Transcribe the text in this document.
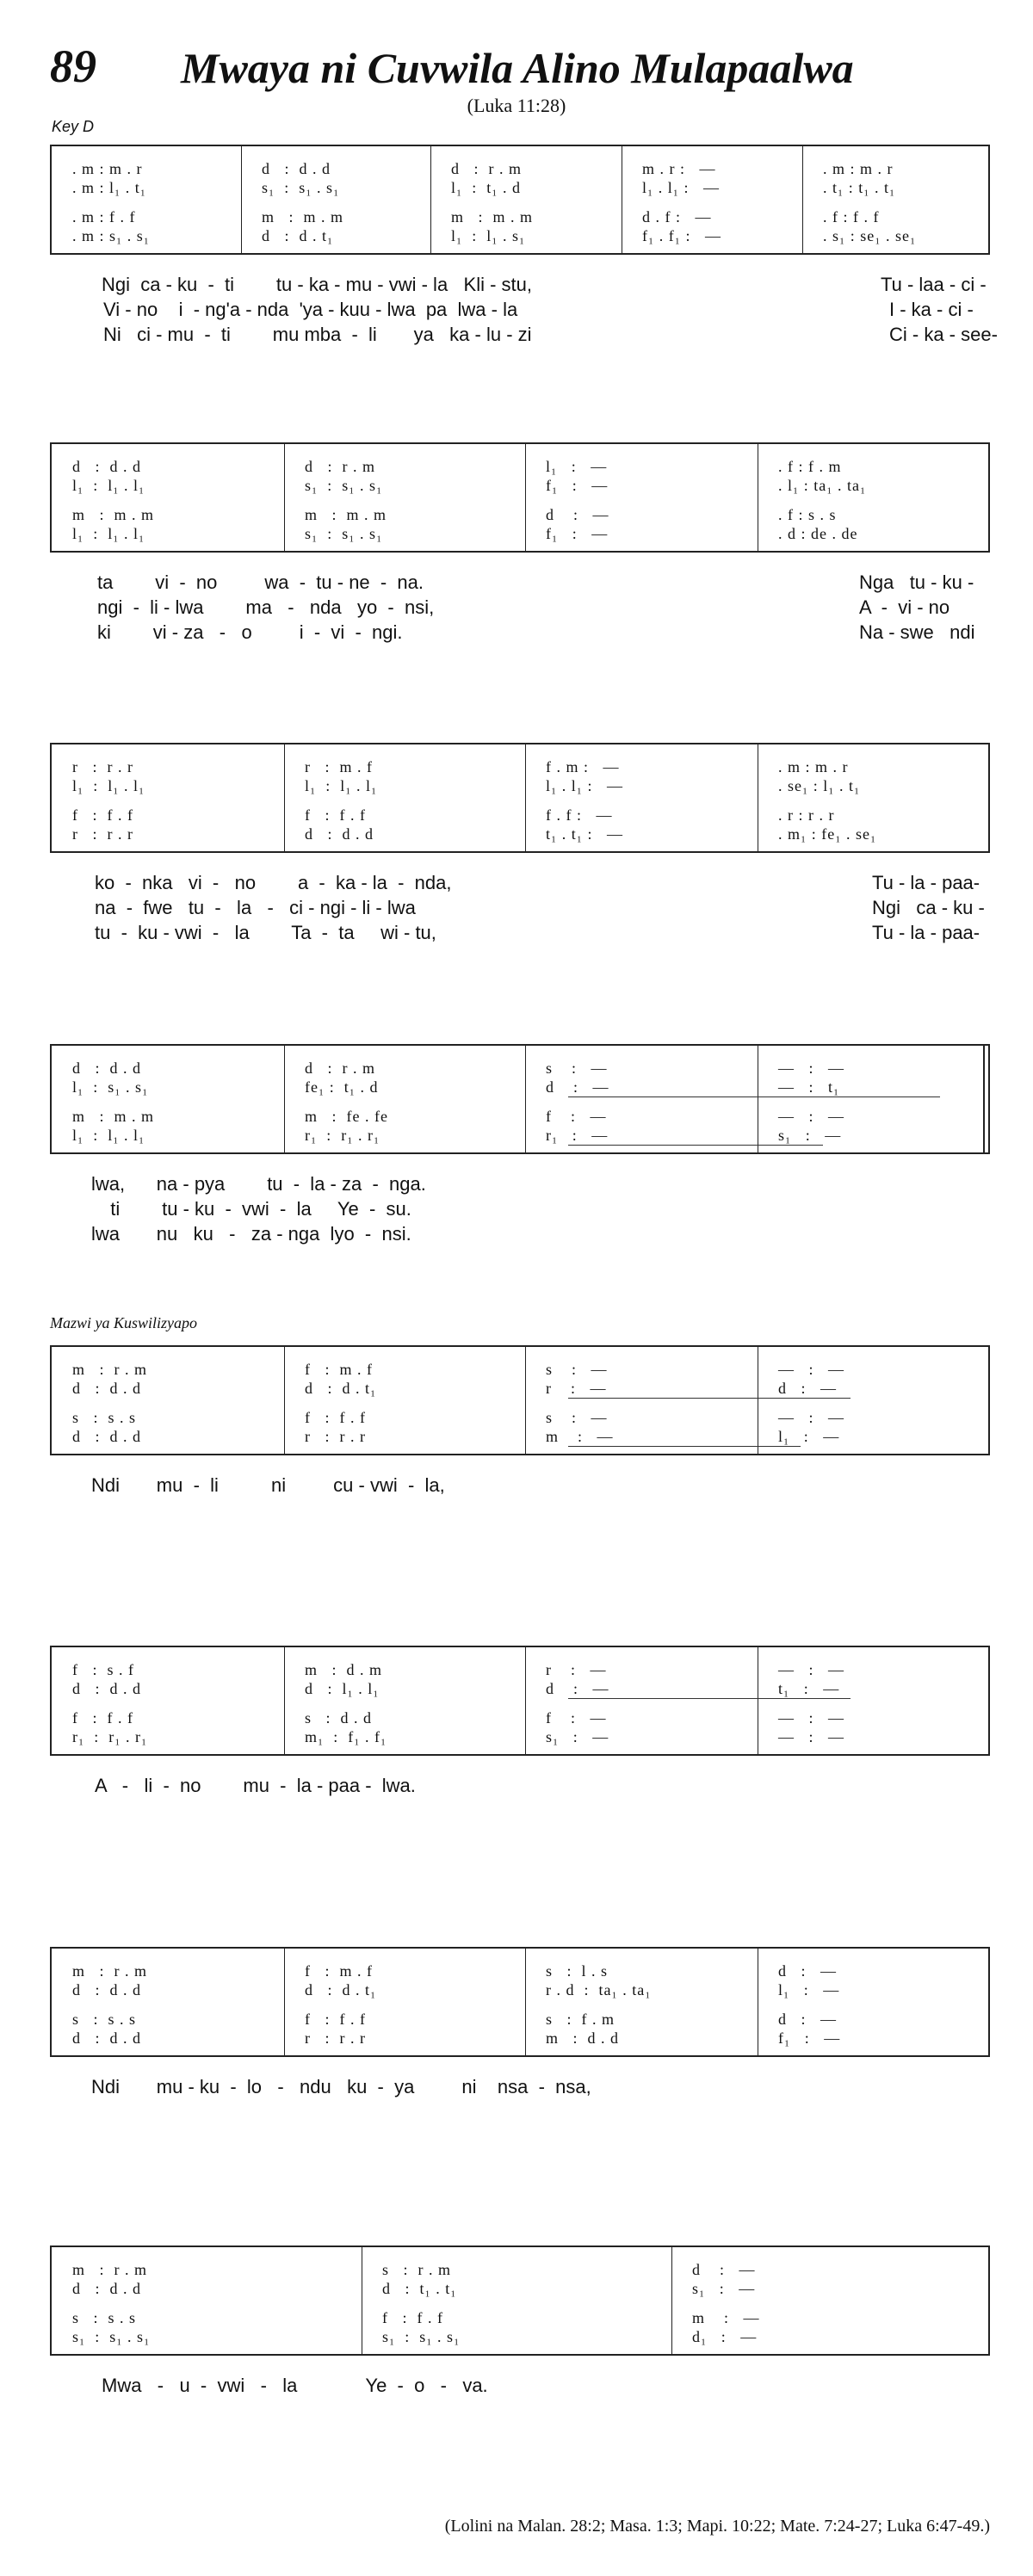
89 Mwaya ni Cuvwila Alino Mulapaalwa
(Luka 11:28)
Key D
Mazwi ya Kuswilizyapo
. m : m . r	d   :  d . d	d   :  r . m	m . r :   —	. m : m . r
. m : l₁ . t₁	s₁  :  s₁ . s₁	l₁  :  t₁ . d	l₁ . l₁ :   —	. t₁ : t₁ . t₁
. m : f . f	m   :  m . m	m   :  m . m	d . f :   —	. f : f . f
. m : s₁ . s₁	d   :  d . t₁	l₁  :  l₁ . s₁	f₁ . f₁ :   —	. s₁ : se₁ . se₁
Ngi  ca - ku  -  ti        tu - ka - mu - vwi - la   Kli - stu,	Tu - laa - ci -
Vi - no    i  - ng'a - nda  'ya - kuu - lwa  pa  lwa - la	I - ka - ci -
Ni   ci - mu  -  ti        mu mba  -  li       ya   ka - lu - zi	Ci - ka - see-
d   :  d . d	d   :  r . m	l₁   :   —	. f : f . m
l₁  :  l₁ . l₁	s₁  :  s₁ . s₁	f₁   :   —	. l₁ : ta₁ . ta₁
m   :  m . m	m   :  m . m	d    :   —	. f : s . s
l₁  :  l₁ . l₁	s₁  :  s₁ . s₁	f₁   :   —	. d : de . de
ta        vi  -  no         wa  -  tu - ne  -  na.	Nga   tu - ku -
ngi  -  li - lwa        ma   -   nda   yo  -  nsi,	A  -  vi - no
ki        vi - za   -   o         i  -  vi  -  ngi.	Na - swe   ndi
r   :  r . r	r   :  m . f	f . m :   —	. m : m . r
l₁  :  l₁ . l₁	l₁  :  l₁ . l₁	l₁ . l₁ :   —	. se₁ : l₁ . t₁
f   :  f . f	f   :  f . f	f . f :   —	. r : r . r
r   :  r . r	d   :  d . d	t₁ . t₁ :   —	. m₁ : fe₁ . se₁
ko  -  nka   vi  -   no        a  -  ka - la  -  nda,	Tu - la - paa-
na  -  fwe   tu  -   la   -   ci - ngi - li - lwa	Ngi   ca - ku -
tu  -  ku - vwi  -   la        Ta  -  ta     wi - tu,	Tu - la - paa-
d   :  d . d	d   :  r . m	s    :   —	—   :   —
l₁  :  s₁ . s₁	fe₁ :  t₁ . d	d    :   —	—   :   t₁
m   :  m . m	m   :  fe . fe	f    :   —	—   :   —
l₁  :  l₁ . l₁	r₁  :  r₁ . r₁	r₁   :   —	s₁   :   —
lwa,      na - pya        tu  -  la - za  -  nga.
ti        tu - ku  -  vwi  -  la     Ye  -  su.
lwa       nu   ku   -   za - nga  lyo  -  nsi.
m   :  r . m	f   :  m . f	s    :   —	—   :   —
d   :  d . d	d   :  d . t₁	r    :   —	d   :   —
s   :  s . s	f   :  f . f	s    :   —	—   :   —
d   :  d . d	r   :  r . r	m    :   —	l₁   :   —
Ndi       mu  -  li          ni         cu - vwi  -  la,
f   :  s . f	m   :  d . m	r    :   —	—   :   —
d   :  d . d	d   :  l₁ . l₁	d    :   —	t₁   :   —
f   :  f . f	s   :  d . d	f    :   —	—   :   —
r₁  :  r₁ . r₁	m₁  :  f₁ . f₁	s₁   :   —	—   :   —
A   -   li  -  no        mu  -  la - paa -  lwa.
m   :  r . m	f   :  m . f	s   :  l . s	d   :   —
d   :  d . d	d   :  d . t₁	r . d  :  ta₁ . ta₁	l₁   :   —
s   :  s . s	f   :  f . f	s   :  f . m	d   :   —
d   :  d . d	r   :  r . r	m   :  d . d	f₁   :   —
Ndi       mu - ku  -  lo   -   ndu   ku  -  ya         ni    nsa  -  nsa,
m   :  r . m	s   :  r . m	d    :   —
d   :  d . d	d   :  t₁ . t₁	s₁   :   —
s   :  s . s	f   :  f . f	m    :   —
s₁  :  s₁ . s₁	s₁  :  s₁ . s₁	d₁   :   —
Mwa   -   u  -  vwi   -   la             Ye  -  o   -   va.
(Lolini na Malan. 28:2; Masa. 1:3; Mapi. 10:22; Mate. 7:24-27; Luka 6:47-49.)
